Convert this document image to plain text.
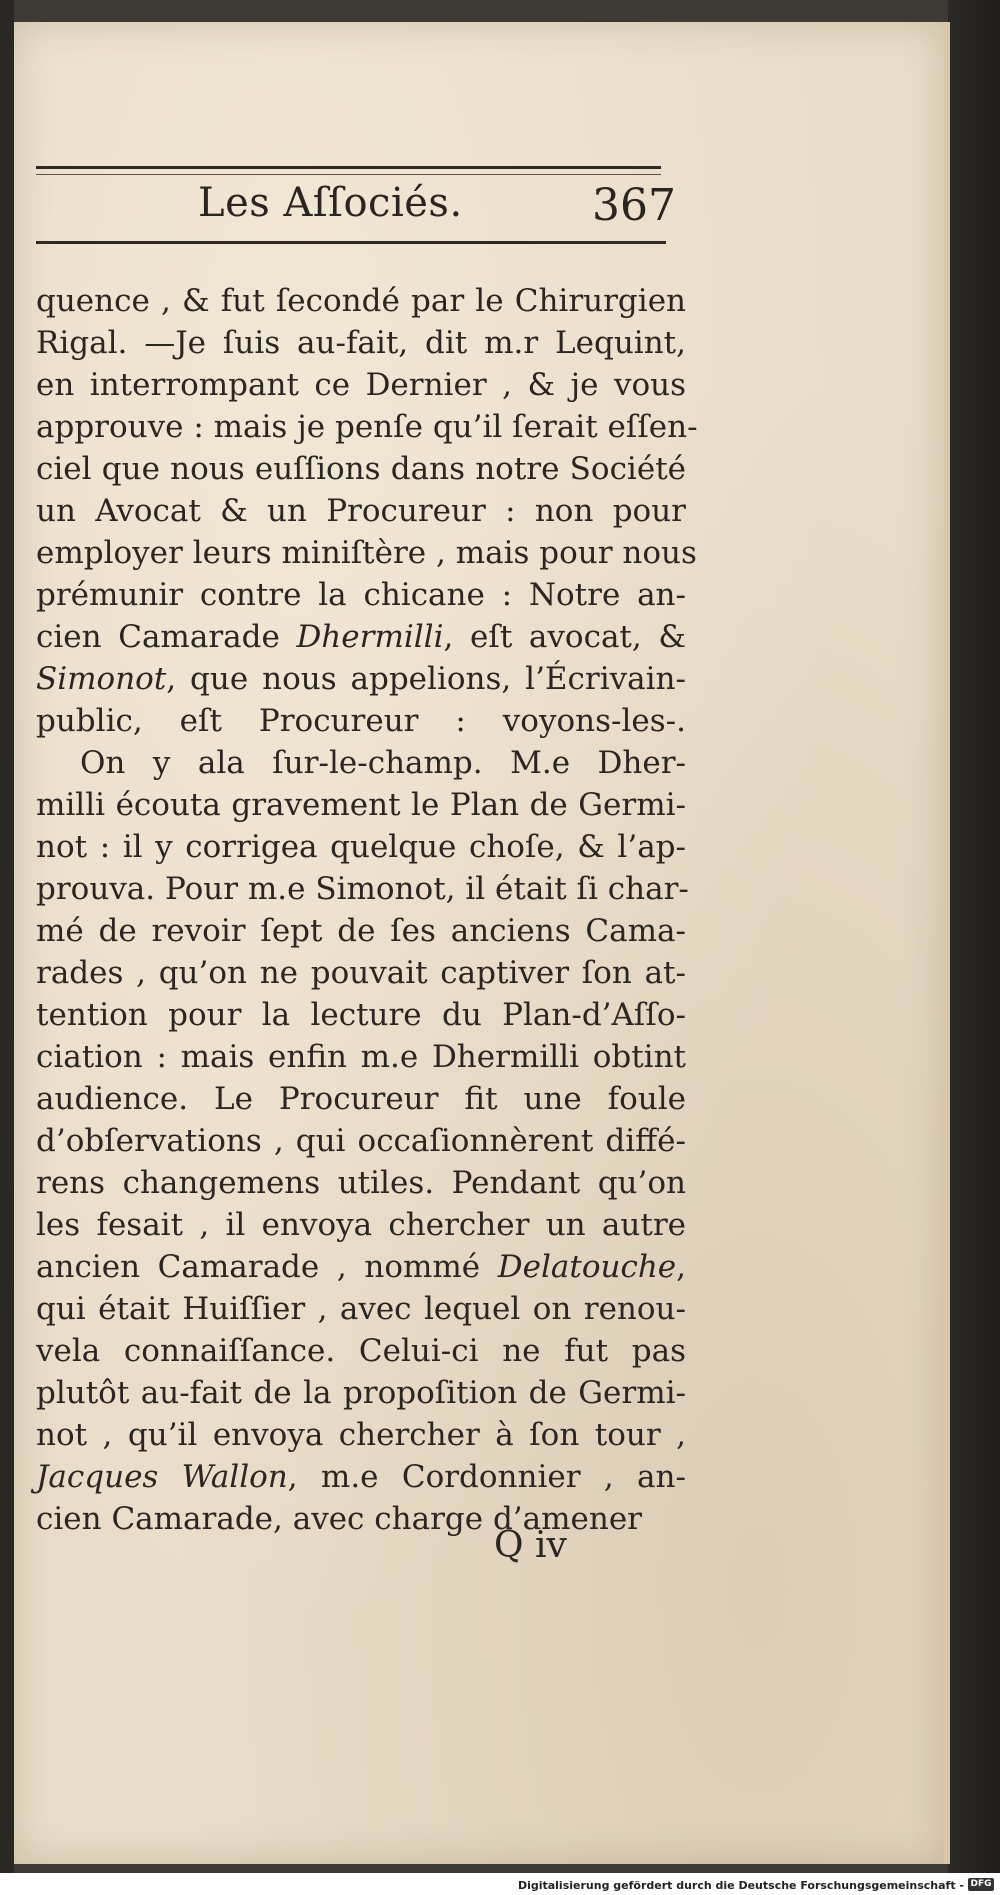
Les Aſſociés.	367
quence , & fut ſecondé par le Chirurgien
Rigal. —Je ſuis au-fait, dit m.r Lequint,
en interrompant ce Dernier , & je vous
approuve : mais je penſe qu’il ſerait eſſen-
ciel que nous euſſions dans notre Société
un Avocat & un Procureur : non pour
employer leurs miniſtère , mais pour nous
prémunir contre la chicane : Notre an-
cien Camarade Dhermilli, eſt avocat, &
Simonot, que nous appelions, l’Écrivain-
public, eſt Procureur : voyons-les-.
On y ala ſur-le-champ. M.e Dher-
milli écouta gravement le Plan de Germi-
not : il y corrigea quelque choſe, & l’ap-
prouva. Pour m.e Simonot, il était ſi char-
mé de revoir ſept de ſes anciens Cama-
rades , qu’on ne pouvait captiver ſon at-
tention pour la lecture du Plan-d’Aſſo-
ciation : mais enfin m.e Dhermilli obtint
audience. Le Procureur fit une foule
d’obſervations , qui occaſionnèrent diffé-
rens changemens utiles. Pendant qu’on
les fesait , il envoya chercher un autre
ancien Camarade , nommé Delatouche,
qui était Huiſſier , avec lequel on renou-
vela connaiſſance. Celui-ci ne fut pas
plutôt au-fait de la propoſition de Germi-
not , qu’il envoya chercher à ſon tour ,
Jacques Wallon, m.e Cordonnier , an-
cien Camarade, avec charge d’amener
Q iv
Digitalisierung gefördert durch die Deutsche Forschungsgemeinschaft - DFG
